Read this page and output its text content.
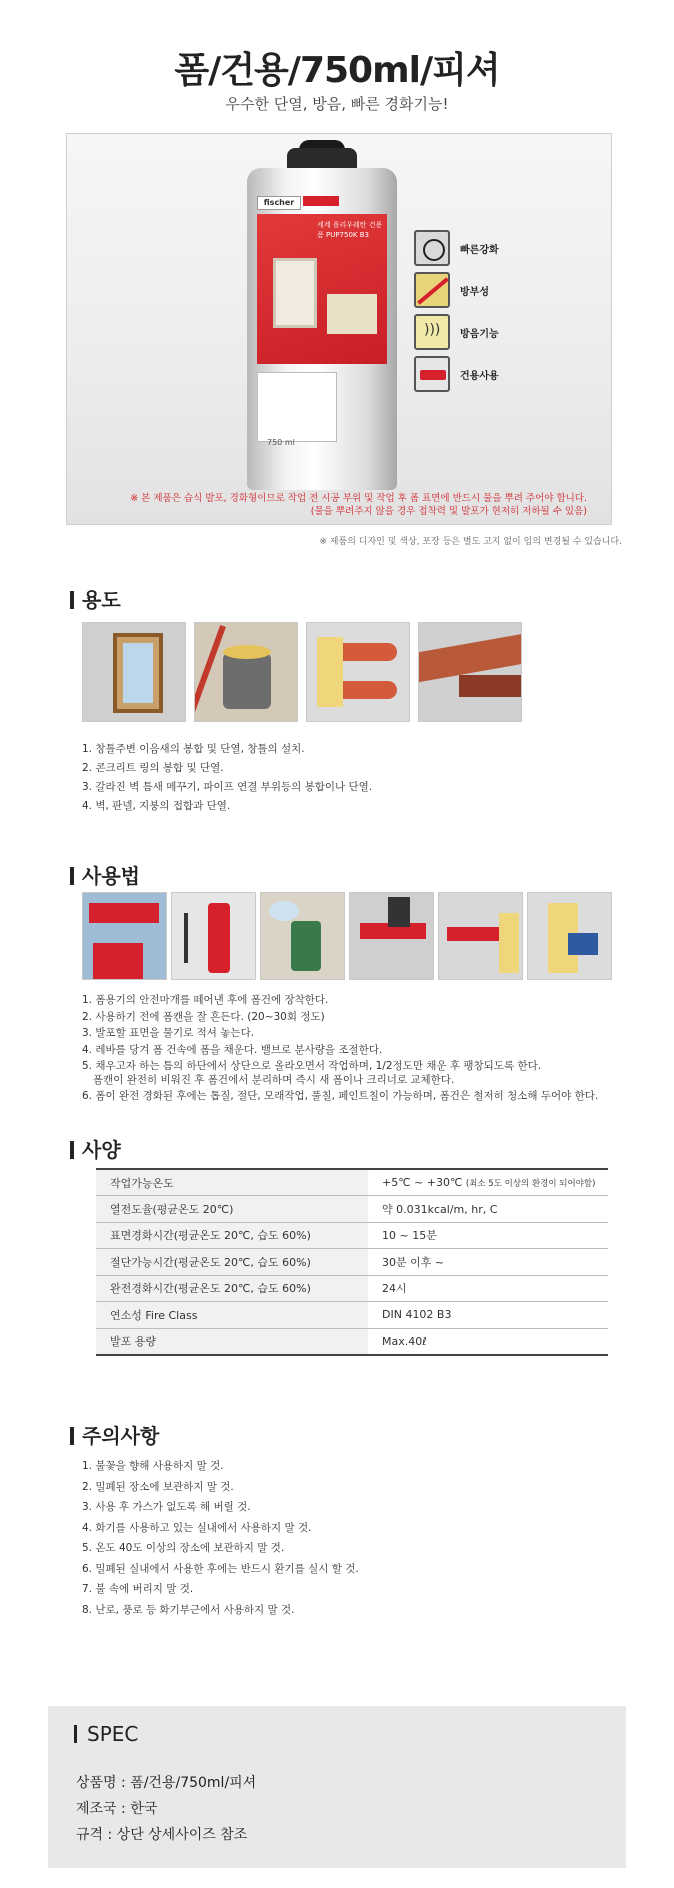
폼/건용/750ml/피셔
우수한 단열, 방음, 빠른 경화기능!
fischer
세계 폴리우레탄 건용 폼 PUP750K B3
750 ml
빠른강화
방부성
)))
방음기능
건용사용
※ 본 제품은 습식 발포, 경화형이므로 작업 전 시공 부위 및 작업 후 폼 표면에 반드시 물을 뿌려 주어야 합니다.
(물을 뿌려주지 않을 경우 접착력 및 발포가 현저히 저하될 수 있음)
※ 제품의 디자인 및 색상, 포장 등은 별도 고지 없이 임의 변경될 수 있습니다.
용도
1. 창틀주변 이음새의 봉합 및 단열, 창틀의 설치.
2. 콘크리트 링의 봉합 및 단열.
3. 갈라진 벽 틈새 메꾸기, 파이프 연결 부위등의 봉합이나 단열.
4. 벽, 판넬, 지붕의 접합과 단열.
사용법
1. 폼용기의 안전마개를 떼어낸 후에 폼건에 장착한다.
2. 사용하기 전에 폼캔을 잘 흔든다. (20~30회 정도)
3. 발포할 표면을 물기로 적셔 놓는다.
4. 레바를 당겨 폼 건속에 폼을 채운다. 밸브로 분사량을 조절한다.
5. 채우고자 하는 틈의 하단에서 상단으로 올라오면서 작업하며, 1/2정도만 채운 후 팽창되도록 한다.
폼캔이 완전히 비워진 후 폼건에서 분리하며 즉시 새 폼이나 크리너로 교체한다.
6. 폼이 완전 경화된 후에는 톱질, 절단, 모래작업, 풀칠, 페인트칠이 가능하며, 폼건은 철저히 청소해 두어야 한다.
사양
작업가능온도	+5℃ ~ +30℃ (최소 5도 이상의 환경이 되어야함)
열전도율(평균온도 20℃)	약 0.031kcal/m, hr, C
표면경화시간(평균온도 20℃, 습도 60%)	10 ~ 15분
절단가능시간(평균온도 20℃, 습도 60%)	30분 이후 ~
완전경화시간(평균온도 20℃, 습도 60%)	24시
연소성 Fire Class	DIN 4102 B3
발포 용량	Max.40ℓ
주의사항
1. 불꽃을 향해 사용하지 말 것.
2. 밀폐된 장소에 보관하지 말 것.
3. 사용 후 가스가 없도록 해 버릴 것.
4. 화기를 사용하고 있는 실내에서 사용하지 말 것.
5. 온도 40도 이상의 장소에 보관하지 말 것.
6. 밀폐된 실내에서 사용한 후에는 반드시 환기를 실시 할 것.
7. 불 속에 버리지 말 것.
8. 난로, 풍로 등 화기부근에서 사용하지 말 것.
SPEC
상품명 : 폼/건용/750ml/피셔
제조국 : 한국
규격 : 상단 상세사이즈 참조
